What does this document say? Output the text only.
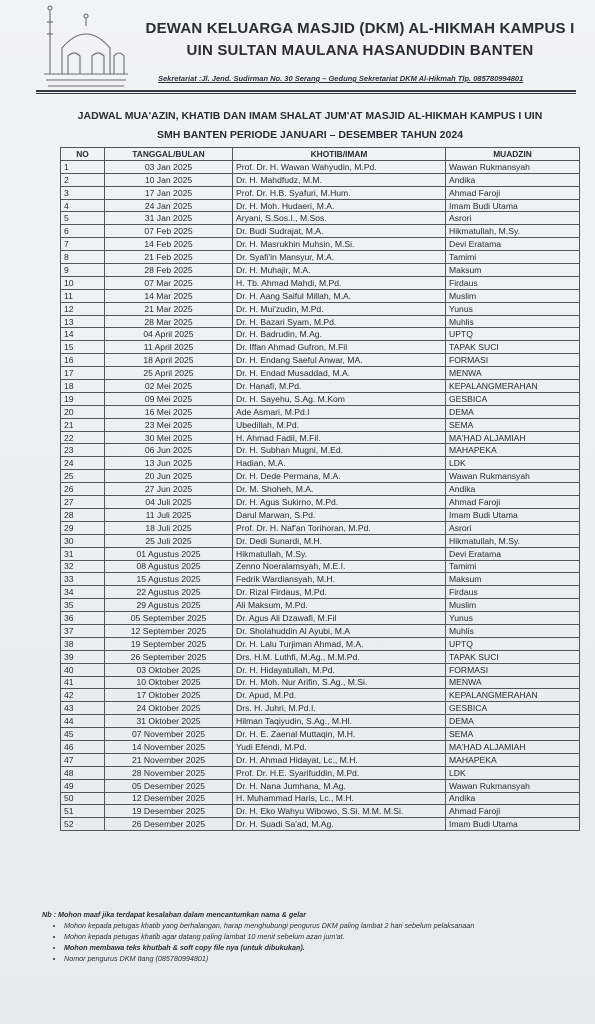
DEWAN KELUARGA MASJID (DKM) AL-HIKMAH KAMPUS I
UIN SULTAN MAULANA HASANUDDIN BANTEN
Sekretariat :Jl. Jend. Sudirman No. 30 Serang – Gedung Sekretariat DKM Al-Hikmah Tlp. 085780994801
JADWAL MUA'AZIN, KHATIB DAN IMAM SHALAT JUM'AT MASJID AL-HIKMAH KAMPUS I UIN
SMH BANTEN PERIODE JANUARI – DESEMBER TAHUN 2024
NO	TANGGAL/BULAN	KHOTIB/IMAM	MUADZIN
1	03 Jan 2025	Prof. Dr. H. Wawan Wahyudin, M.Pd.	Wawan Rukmansyah
2	10 Jan 2025	Dr. H. Mahdfudz, M.M.	Andika
3	17 Jan 2025	Prof. Dr. H.B. Syafuri, M.Hum.	Ahmad Faroji
4	24 Jan 2025	Dr. H. Moh. Hudaeri, M.A.	Imam Budi Utama
5	31 Jan 2025	Aryani, S.Sos.I., M.Sos.	Asrori
6	07 Feb 2025	Dr. Budi Sudrajat, M.A.	Hikmatullah, M.Sy.
7	14 Feb 2025	Dr. H. Masrukhin Muhsin, M.Si.	Devi Eratama
8	21 Feb 2025	Dr. Syafi'in Mansyur, M.A.	Tamimi
9	28 Feb 2025	Dr. H. Muhajir, M.A.	Maksum
10	07 Mar 2025	H. Tb. Ahmad Mahdi, M.Pd.	Firdaus
11	14 Mar 2025	Dr. H. Aang Saiful Millah, M.A.	Muslim
12	21 Mar 2025	Dr. H. Mui'zudin, M.Pd.	Yunus
13	28 Mar 2025	Dr. H. Bazari Syam, M.Pd.	Muhlis
14	04 April 2025	Dr. H. Badrudin, M.Ag.	UPTQ
15	11 April 2025	Dr. Iffan Ahmad Gufron, M.Fil	TAPAK SUCI
16	18 April 2025	Dr. H. Endang Saeful Anwar, MA.	FORMASI
17	25 April 2025	Dr. H. Endad Musaddad, M.A.	MENWA
18	02 Mei 2025	Dr. Hanafi, M.Pd.	KEPALANGMERAHAN
19	09 Mei 2025	Dr. H. Sayehu, S.Ag. M.Kom	GESBICA
20	16 Mei 2025	Ade Asmari, M.Pd.I	DEMA
21	23 Mei 2025	Ubedillah, M.Pd.	SEMA
22	30 Mei 2025	H. Ahmad Fadil, M.Fil.	MA'HAD ALJAMIAH
23	06 Jun 2025	Dr. H. Subhan Mugni, M.Ed.	MAHAPEKA
24	13 Jun 2025	Hadian, M.A.	LDK
25	20 Jun 2025	Dr. H. Dede Permana, M.A.	Wawan Rukmansyah
26	27 Jun 2025	Dr. M. Shoheh, M.A.	Andika
27	04 Juli 2025	Dr. H. Agus Sukirno, M.Pd.	Ahmad Faroji
28	11 Juli 2025	Darul Marwan, S.Pd.	Imam Budi Utama
29	18 Juli 2025	Prof. Dr. H. Naf'an Torihoran, M.Pd.	Asrori
30	25 Juli 2025	Dr. Dedi Sunardi, M.H.	Hikmatullah, M.Sy.
31	01 Agustus 2025	Hikmatullah, M.Sy.	Devi Eratama
32	08 Agustus 2025	Zenno Noeralamsyah, M.E.I.	Tamimi
33	15 Agustus 2025	Fedrik Wardiansyah, M.H.	Maksum
34	22 Agustus 2025	Dr. Rizal Firdaus, M.Pd.	Firdaus
35	29 Agustus 2025	Ali Maksum, M.Pd.	Muslim
36	05 September 2025	Dr. Agus Ali Dzawafi, M.Fil	Yunus
37	12 September 2025	Dr. Sholahuddin Al Ayubi, M.A	Muhlis
38	19 September 2025	Dr. H. Lalu Turjiman Ahmad, M.A.	UPTQ
39	26 September 2025	Drs. H.M. Luthfi, M.Ag., M.M.Pd.	TAPAK SUCI
40	03 Oktober 2025	Dr. H. Hidayatullah, M.Pd.	FORMASI
41	10 Oktober 2025	Dr. H. Moh. Nur Arifin, S.Ag., M.Si.	MENWA
42	17 Oktober 2025	Dr. Apud, M.Pd.	KEPALANGMERAHAN
43	24 Oktober 2025	Drs. H. Juhri, M.Pd.I.	GESBICA
44	31 Oktober 2025	Hilman Taqiyudin, S.Ag., M.Hl.	DEMA
45	07 November 2025	Dr. H. E. Zaenal Muttaqin, M.H.	SEMA
46	14 November 2025	Yudi Efendi, M.Pd.	MA'HAD ALJAMIAH
47	21 November 2025	Dr. H. Ahmad Hidayat, Lc., M.H.	MAHAPEKA
48	28 November 2025	Prof. Dr. H.E. Syarifuddin, M.Pd.	LDK
49	05 Desember 2025	Dr. H. Nana Jumhana, M.Ag.	Wawan Rukmansyah
50	12 Desember 2025	H. Muhammad Haris, Lc., M.H.	Andika
51	19 Desember 2025	Dr. H. Eko Wahyu Wibowo, S.Si. M.M. M.Si.	Ahmad Faroji
52	26 Desember 2025	Dr. H. Suadi Sa'ad, M.Ag.	Imam Budi Utama
Nb : Mohon maaf jika terdapat kesalahan dalam mencantumkan nama & gelar
• Mohon kepada petugas khatib yang berhalangan, harap menghubungi pengurus DKM paling lambat 2 hari sebelum pelaksanaan
• Mohon kepada petugas khatib agar datang paling lambat 10 menit sebelum azan jum'at.
• Mohon membawa teks khutbah & soft copy file nya (untuk dibukukan).
• Nomor pengurus DKM Itang (085780994801)
